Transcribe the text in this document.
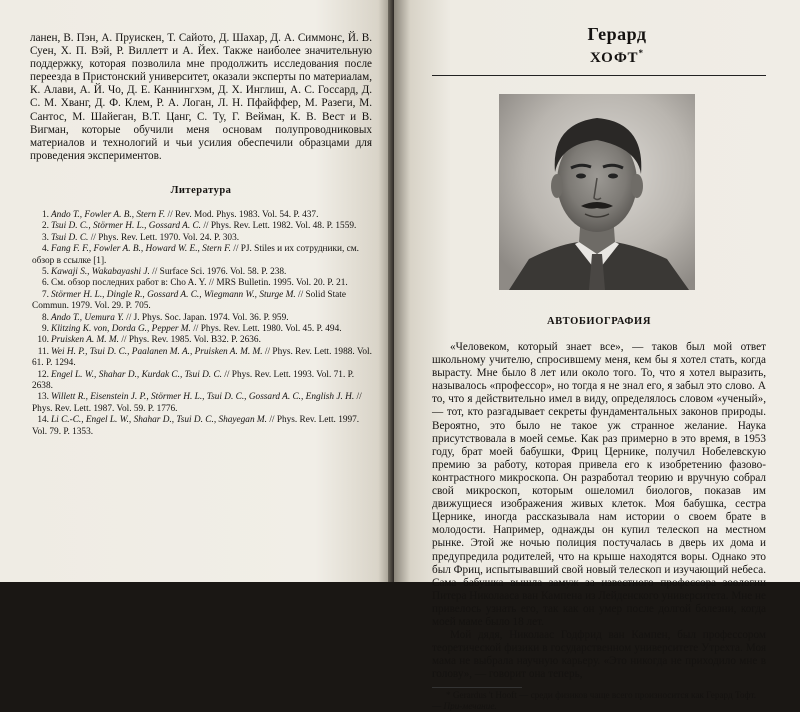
ланен, В. Пэн, А. Пруискен, Т. Сайото, Д. Шахар, Д. А. Симмонс, Й. В. Суен, Х. П. Вэй, Р. Виллетт и А. Йех. Также наиболее значительную поддержку, которая позволила мне продолжить исследования после переезда в Пристонский университет, оказали эксперты по материалам, К. Алави, А. Й. Чо, Д. Е. Каннингхэм, Д. Х. Инглиш, А. С. Госсард, Д. С. М. Хванг, Д. Ф. Клем, Р. А. Логан, Л. Н. Пфайффер, М. Разеги, М. Сантос, М. Шайеган, В.Т. Цанг, С. Ту, Г. Вейман, К. В. Вест и В. Вигман, которые обучили меня основам полупроводниковых материалов и технологий и чьи усилия обеспечили образцами для проведения экспериментов.

Литература
1. Ando T., Fowler A. B., Stern F. // Rev. Mod. Phys. 1983. Vol. 54. P. 437.
2. Tsui D. C., Störmer H. L., Gossard A. C. // Phys. Rev. Lett. 1982. Vol. 48. P. 1559.
3. Tsui D. C. // Phys. Rev. Lett. 1970. Vol. 24. P. 303.
4. Fang F. F., Fowler A. B., Howard W. E., Stern F. // PJ. Stiles и их сотрудники, см. обзор в ссылке [1].
5. Kawaji S., Wakabayashi J. // Surface Sci. 1976. Vol. 58. P. 238.
6. См. обзор последних работ в: Cho A. Y. // MRS Bulletin. 1995. Vol. 20. P. 21.
7. Störmer H. L., Dingle R., Gossard A. C., Wiegmann W., Sturge M. // Solid State Commun. 1979. Vol. 29. P. 705.
8. Ando T., Uemura Y. // J. Phys. Soc. Japan. 1974. Vol. 36. P. 959.
9. Klitzing K. von, Dorda G., Pepper M. // Phys. Rev. Lett. 1980. Vol. 45. P. 494.
10. Pruisken A. M. M. // Phys. Rev. 1985. Vol. B32. P. 2636.
11. Wei H. P., Tsui D. C., Paalanen M. A., Pruisken A. M. M. // Phys. Rev. Lett. 1988. Vol. 61. P. 1294.
12. Engel L. W., Shahar D., Kurdak C., Tsui D. C. // Phys. Rev. Lett. 1993. Vol. 71. P. 2638.
13. Willett R., Eisenstein J. P., Störmer H. L., Tsui D. C., Gossard A. C., English J. H. // Phys. Rev. Lett. 1987. Vol. 59. P. 1776.
14. Li C.-C., Engel L. W., Shahar D., Tsui D. C., Shayegan M. // Phys. Rev. Lett. 1997. Vol. 79. P. 1353.
Герард
ХОФТ*
АВТОБИОГРАФИЯ

«Человеком, который знает все», — таков был мой ответ школьному учителю, спросившему меня, кем бы я хотел стать, когда вырасту. Мне было 8 лет или около того. То, что я хотел выразить, называлось «профессор», но тогда я не знал его, я забыл это слово. А то, что я действительно имел в виду, определялось словом «ученый», — тот, кто разгадывает секреты фундаментальных законов природы. Вероятно, это было не такое уж странное желание. Наука присутствовала в моей семье. Как раз примерно в это время, в 1953 году, брат моей бабушки, Фриц Цернике, получил Нобелевскую премию за работу, которая привела его к изобретению фазово-контрастного микроскопа. Он разработал теорию и вручную собрал свой микроскоп, которым ошеломил биологов, показав им движущиеся изображения живых клеток. Моя бабушка, сестра Цернике, иногда рассказывала нам истории о своем брате в молодости. Например, однажды он купил телескоп на местном рынке. Этой же ночью полиция постучалась в дверь их дома и предупредила родителей, что на крыше находятся воры. Однако это был Фриц, испытывавший свой новый телескоп и изучающий небеса. Сама бабушка вышла замуж за известного профессора зоологии Питера Николааса ван Кампена из Лейденского университета. Мне не привелось узнать его, так как он умер после долгой болезни, когда моей маме было 18 лет.

Мой дядя, Николаас Годфрид ван Кампен, был профессором теоретической физики в государственном университете Утрехта. Моя мама не выбрала научную карьеру. «Это никогда не приходило мне в голову», — говорит она теперь,

* Gerardus 't Hooft — среди физиков чаще всего произносится как Герард Тофт. — При-мечание.
